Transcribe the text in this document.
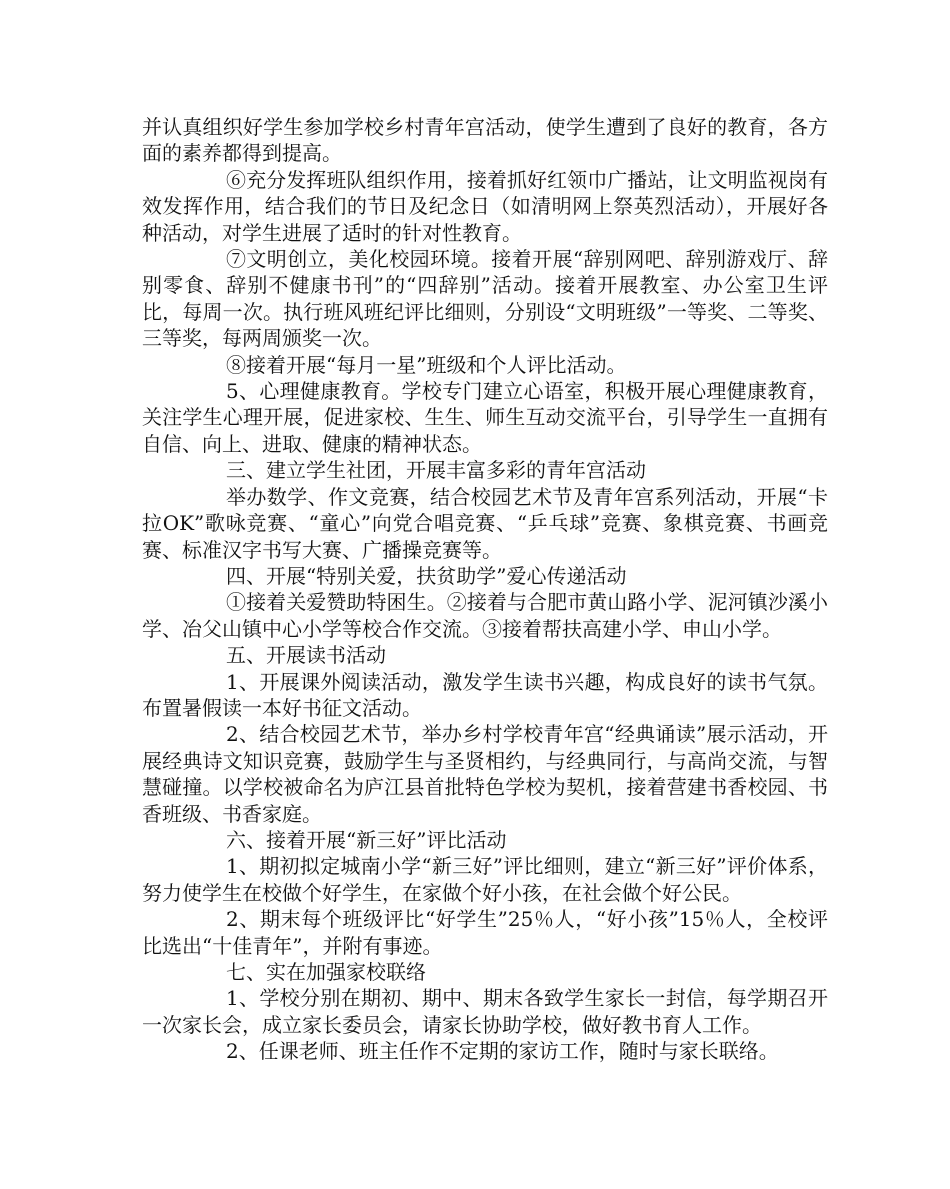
并认真组织好学生参加学校乡村青年宫活动，使学生遭到了良好的教育，各方面的素养都得到提高。

⑥充分发挥班队组织作用，接着抓好红领巾广播站，让文明监视岗有效发挥作用，结合我们的节日及纪念日（如清明网上祭英烈活动），开展好各种活动，对学生进展了适时的针对性教育。

⑦文明创立，美化校园环境。接着开展“辞别网吧、辞别游戏厅、辞别零食、辞别不健康书刊”的“四辞别”活动。接着开展教室、办公室卫生评比，每周一次。执行班风班纪评比细则，分别设“文明班级”一等奖、二等奖、三等奖，每两周颁奖一次。

⑧接着开展“每月一星”班级和个人评比活动。

5、心理健康教育。学校专门建立心语室，积极开展心理健康教育，关注学生心理开展，促进家校、生生、师生互动交流平台，引导学生一直拥有自信、向上、进取、健康的精神状态。

三、建立学生社团，开展丰富多彩的青年宫活动

举办数学、作文竞赛，结合校园艺术节及青年宫系列活动，开展“卡拉OK”歌咏竞赛、“童心”向党合唱竞赛、“乒乓球”竞赛、象棋竞赛、书画竞赛、标准汉字书写大赛、广播操竞赛等。

四、开展“特别关爱，扶贫助学”爱心传递活动

①接着关爱赞助特困生。②接着与合肥市黄山路小学、泥河镇沙溪小学、冶父山镇中心小学等校合作交流。③接着帮扶高建小学、申山小学。

五、开展读书活动

1、开展课外阅读活动，激发学生读书兴趣，构成良好的读书气氛。布置暑假读一本好书征文活动。

2、结合校园艺术节，举办乡村学校青年宫“经典诵读”展示活动，开展经典诗文知识竞赛，鼓励学生与圣贤相约，与经典同行，与高尚交流，与智慧碰撞。以学校被命名为庐江县首批特色学校为契机，接着营建书香校园、书香班级、书香家庭。

六、接着开展“新三好”评比活动

1、期初拟定城南小学“新三好”评比细则，建立“新三好”评价体系，努力使学生在校做个好学生，在家做个好小孩，在社会做个好公民。

2、期末每个班级评比“好学生”25％人，“好小孩”15％人，全校评比选出“十佳青年”，并附有事迹。

七、实在加强家校联络

1、学校分别在期初、期中、期末各致学生家长一封信，每学期召开一次家长会，成立家长委员会，请家长协助学校，做好教书育人工作。

2、任课老师、班主任作不定期的家访工作，随时与家长联络。
